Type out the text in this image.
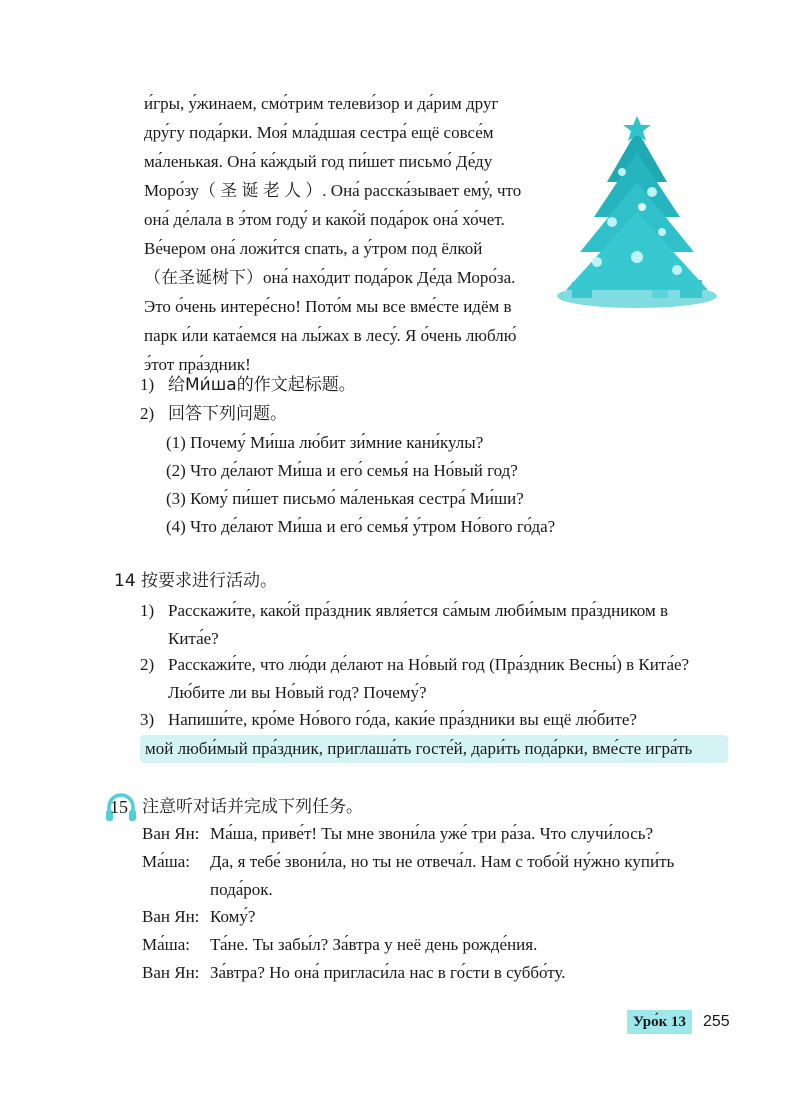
и́гры, у́жинаем, смо́трим телеви́зор и да́рим друг
дру́гу пода́рки. Моя́ мла́дшая сестра́ ещё совсе́м
ма́ленькая. Она́ ка́ждый год пи́шет письмо́ Де́ду
Моро́зу（ 圣 诞 老 人 ）. Она́ расска́зывает ему́, что
она́ де́лала в э́том году́ и како́й пода́рок она́ хо́чет.
Ве́чером она́ ложи́тся спать, а у́тром под ёлкой
（在圣诞树下）она́ нахо́дит пода́рок Де́да Моро́за.
Это о́чень интере́сно! Пото́м мы все вме́сте идём в
парк и́ли ката́емся на лы́жах в лесу́. Я о́чень люблю́
э́тот пра́здник!
1) 给Ми́ша的作文起标题。
2) 回答下列问题。
(1) Почему́ Ми́ша лю́бит зи́мние кани́кулы?
(2) Что де́лают Ми́ша и его́ семья́ на Но́вый год?
(3) Кому́ пи́шет письмо́ ма́ленькая сестра́ Ми́ши?
(4) Что де́лают Ми́ша и его́ семья́ у́тром Но́вого го́да?
14 按要求进行活动。
1) Расскажи́те, како́й пра́здник явля́ется са́мым люби́мым пра́здником в
Кита́е?
2) Расскажи́те, что лю́ди де́лают на Но́вый год (Пра́здник Весны́) в Кита́е?
Лю́бите ли вы Но́вый год? Почему́?
3) Напиши́те, кро́ме Но́вого го́да, каки́е пра́здники вы ещё лю́бите?
мой люби́мый пра́здник, приглаша́ть госте́й, дари́ть пода́рки, вме́сте игра́ть
15 注意听对话并完成下列任务。
Ван Ян: Ма́ша, приве́т! Ты мне звони́ла уже́ три ра́за. Что случи́лось?
Ма́ша: Да, я тебе́ звони́ла, но ты не отвеча́л. Нам с тобо́й ну́жно купи́ть
пода́рок.
Ван Ян: Кому́?
Ма́ша: Та́не. Ты забы́л? За́втра у неё день рожде́ния.
Ван Ян: За́втра? Но она́ пригласи́ла нас в го́сти в суббо́ту.
Уро́к 13	255
